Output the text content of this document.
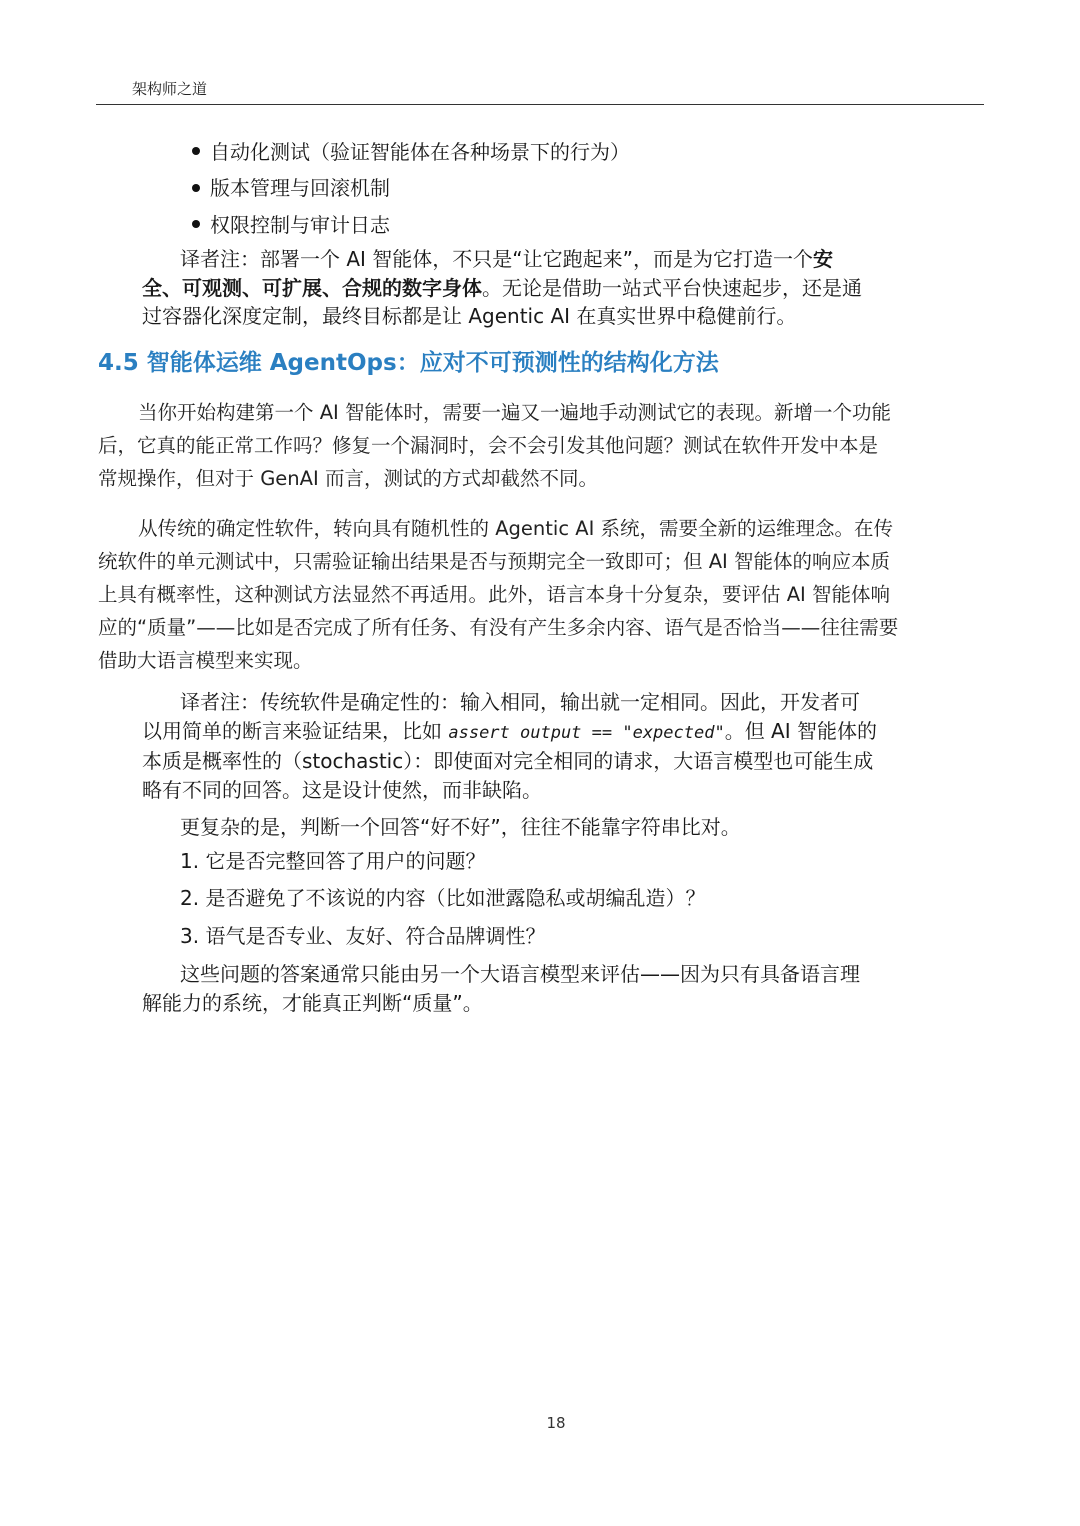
架构师之道
自动化测试（验证智能体在各种场景下的行为）
版本管理与回滚机制
权限控制与审计日志
译者注：部署一个 AI 智能体，不只是“让它跑起来”，而是为它打造一个安
全、可观测、可扩展、合规的数字身体。无论是借助一站式平台快速起步，还是通
过容器化深度定制，最终目标都是让 Agentic AI 在真实世界中稳健前行。
4.5 智能体运维 AgentOps：应对不可预测性的结构化方法
当你开始构建第一个 AI 智能体时，需要一遍又一遍地手动测试它的表现。新增一个功能
后，它真的能正常工作吗？修复一个漏洞时，会不会引发其他问题？测试在软件开发中本是
常规操作，但对于 GenAI 而言，测试的方式却截然不同。
从传统的确定性软件，转向具有随机性的 Agentic AI 系统，需要全新的运维理念。在传
统软件的单元测试中，只需验证输出结果是否与预期完全一致即可；但 AI 智能体的响应本质
上具有概率性，这种测试方法显然不再适用。此外，语言本身十分复杂，要评估 AI 智能体响
应的“质量”——比如是否完成了所有任务、有没有产生多余内容、语气是否恰当——往往需要
借助大语言模型来实现。
译者注：传统软件是确定性的：输入相同，输出就一定相同。因此，开发者可
以用简单的断言来验证结果，比如 assert output == "expected"。但 AI 智能体的
本质是概率性的（stochastic）：即使面对完全相同的请求，大语言模型也可能生成
略有不同的回答。这是设计使然，而非缺陷。
更复杂的是，判断一个回答“好不好”，往往不能靠字符串比对。
1. 它是否完整回答了用户的问题？
2. 是否避免了不该说的内容（比如泄露隐私或胡编乱造）？
3. 语气是否专业、友好、符合品牌调性？
这些问题的答案通常只能由另一个大语言模型来评估——因为只有具备语言理
解能力的系统，才能真正判断“质量”。
18
